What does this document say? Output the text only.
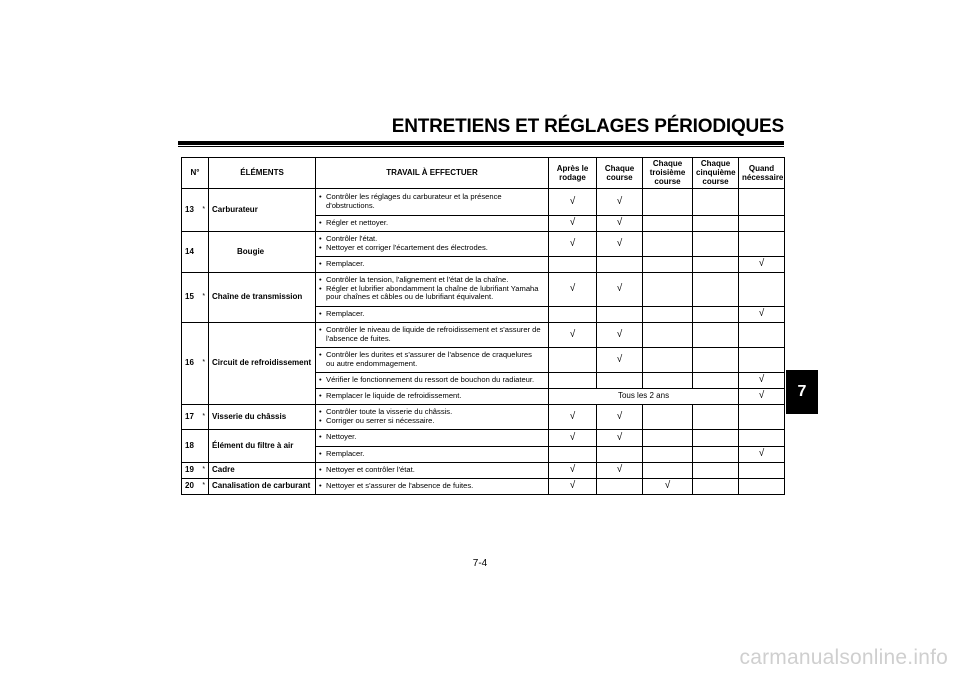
ENTRETIENS ET RÉGLAGES PÉRIODIQUES
N°		ÉLÉMENTS	TRAVAIL À EFFECTUER	Après le rodage	Chaque course	Chaque troisième course	Chaque cinquième course	Quand nécessaire
13	*	Carburateur	• Contrôler les réglages du carburateur et la présence
d'obstructions.	√	√			

			• Régler et nettoyer.	√	√			
14		Bougie	• Contrôler l'état.
• Nettoyer et corriger l'écartement des électrodes.	√	√			

			• Remplacer.					√
15	*	Chaîne de transmission	• Contrôler la tension, l'alignement et l'état de la chaîne.
• Régler et lubrifier abondamment la chaîne de lubrifiant Yamaha
pour chaînes et câbles ou de lubrifiant équivalent.	√	√			

			• Remplacer.					√
16	*	Circuit de refroidissement	• Contrôler le niveau de liquide de refroidissement et s'assurer de
l'absence de fuites.	√	√			

			• Contrôler les durites et s'assurer de l'absence de craquelures
ou autre endommagement.		√			

			• Vérifier le fonctionnement du ressort de bouchon du radiateur.					√

			• Remplacer le liquide de refroidissement.	Tous les 2 ans				√
17	*	Visserie du châssis	• Contrôler toute la visserie du châssis.
• Corriger ou serrer si nécessaire.	√	√			
18		Élément du filtre à air	• Nettoyer.	√	√			

			• Remplacer.					√
19	*	Cadre	• Nettoyer et contrôler l'état.	√	√			
20	*	Canalisation de carburant	• Nettoyer et s'assurer de l'absence de fuites.	√		√		
7
7-4
carmanualsonline.info
